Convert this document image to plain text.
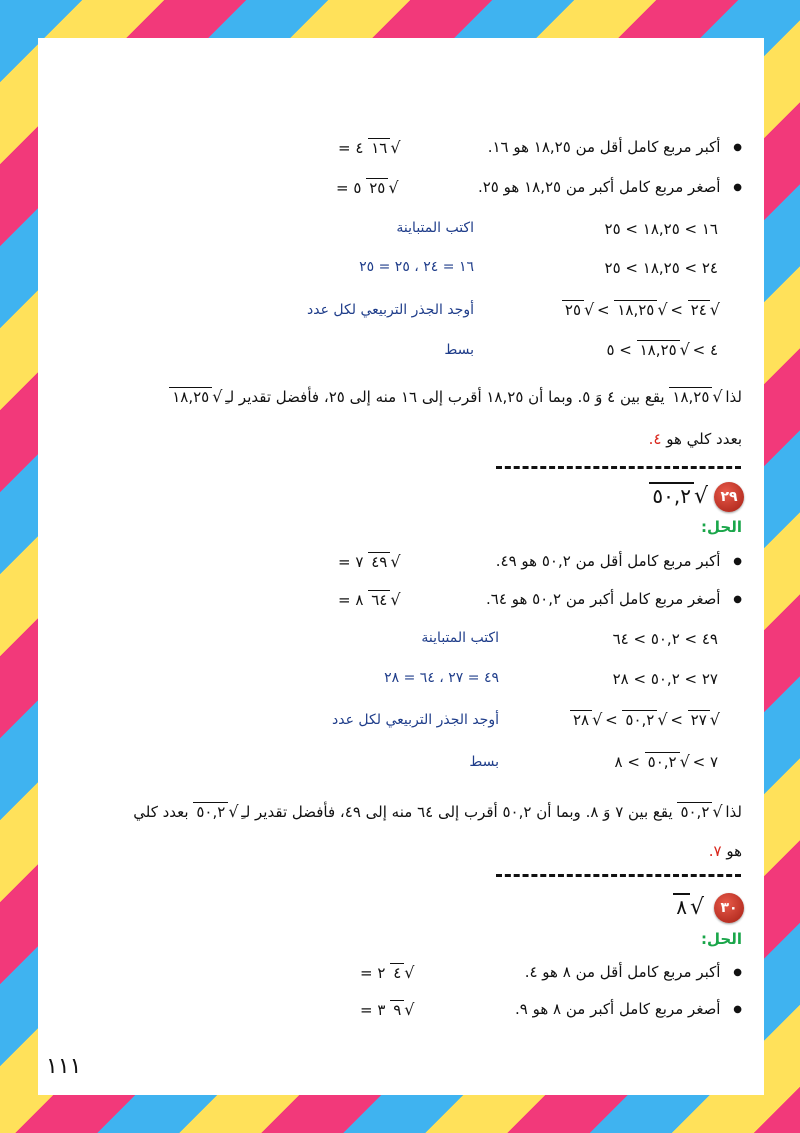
● أكبر مربع كامل أقل من ١٨,٢٥ هو ١٦.
√١٦ ٤ =
● أصغر مربع كامل أكبر من ١٨,٢٥ هو ٢٥.
√٢٥ ٥ =
١٦ > ١٨,٢٥ > ٢٥
اكتب المتباينة
٢٤ > ١٨,٢٥ > ٢٥
١٦ = ٢٤ ، ٢٥ = ٢٥
√٢٤ > √١٨,٢٥ > √٢٥
أوجد الجذر التربيعي لكل عدد
٤ > √١٨,٢٥ > ٥
بسط
لذا √١٨,٢٥ يقع بين ٤ وَ ٥. وبما أن ١٨,٢٥ أقرب إلى ١٦ منه إلى ٢٥، فأفضل تقدير لـِ √١٨,٢٥
بعدد كلي هو ٤.
٢٩
√٥٠,٢
الحل:
● أكبر مربع كامل أقل من ٥٠,٢ هو ٤٩.
√٤٩ ٧ =
● أصغر مربع كامل أكبر من ٥٠,٢ هو ٦٤.
√٦٤ ٨ =
٤٩ > ٥٠,٢ > ٦٤
اكتب المتباينة
٢٧ > ٥٠,٢ > ٢٨
٤٩ = ٢٧ ، ٦٤ = ٢٨
√٢٧ > √٥٠,٢ > √٢٨
أوجد الجذر التربيعي لكل عدد
٧ > √٥٠,٢ > ٨
بسط
لذا √٥٠,٢ يقع بين ٧ وَ ٨. وبما أن ٥٠,٢ أقرب إلى ٦٤ منه إلى ٤٩، فأفضل تقدير لـِ √٥٠,٢ بعدد كلي
هو ٧.
٣٠
√٨
الحل:
● أكبر مربع كامل أقل من ٨ هو ٤.
√٤ ٢ =
● أصغر مربع كامل أكبر من ٨ هو ٩.
√٩ ٣ =
١١١
